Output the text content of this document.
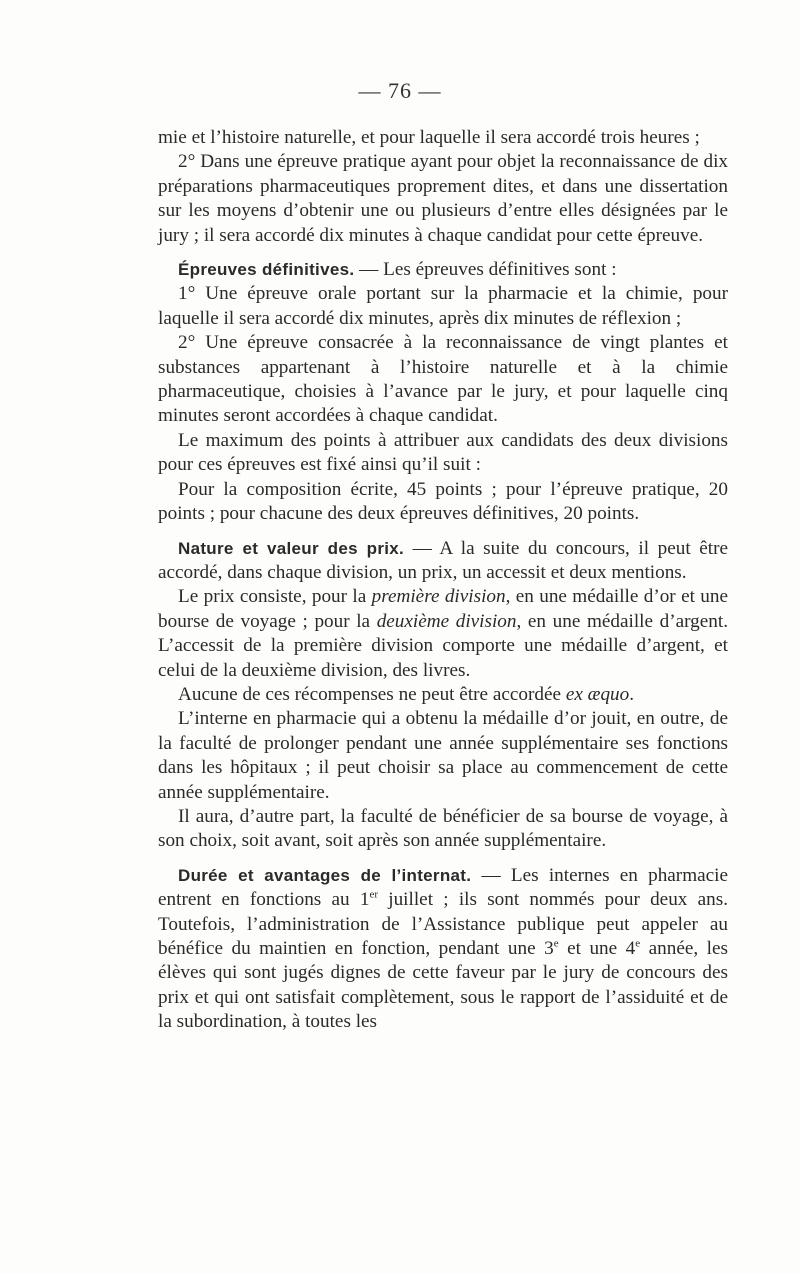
— 76 —

mie et l’histoire naturelle, et pour laquelle il sera accordé trois heures ;

2° Dans une épreuve pratique ayant pour objet la reconnaissance de dix préparations pharmaceutiques proprement dites, et dans une dissertation sur les moyens d’obtenir une ou plusieurs d’entre elles désignées par le jury ; il sera accordé dix minutes à chaque candidat pour cette épreuve.

Épreuves définitives. — Les épreuves définitives sont :

1° Une épreuve orale portant sur la pharmacie et la chimie, pour laquelle il sera accordé dix minutes, après dix minutes de réflexion ;

2° Une épreuve consacrée à la reconnaissance de vingt plantes et substances appartenant à l’histoire naturelle et à la chimie pharmaceutique, choisies à l’avance par le jury, et pour laquelle cinq minutes seront accordées à chaque candidat.

Le maximum des points à attribuer aux candidats des deux divisions pour ces épreuves est fixé ainsi qu’il suit :

Pour la composition écrite, 45 points ; pour l’épreuve pratique, 20 points ; pour chacune des deux épreuves définitives, 20 points.

Nature et valeur des prix. — A la suite du concours, il peut être accordé, dans chaque division, un prix, un accessit et deux mentions.

Le prix consiste, pour la première division, en une médaille d’or et une bourse de voyage ; pour la deuxième division, en une médaille d’argent. L’accessit de la première division comporte une médaille d’argent, et celui de la deuxième division, des livres.

Aucune de ces récompenses ne peut être accordée ex æquo.

L’interne en pharmacie qui a obtenu la médaille d’or jouit, en outre, de la faculté de prolonger pendant une année supplémentaire ses fonctions dans les hôpitaux ; il peut choisir sa place au commencement de cette année supplémentaire.

Il aura, d’autre part, la faculté de bénéficier de sa bourse de voyage, à son choix, soit avant, soit après son année supplémentaire.

Durée et avantages de l’internat. — Les internes en pharmacie entrent en fonctions au 1er juillet ; ils sont nommés pour deux ans. Toutefois, l’administration de l’Assistance publique peut appeler au bénéfice du maintien en fonction, pendant une 3e et une 4e année, les élèves qui sont jugés dignes de cette faveur par le jury de concours des prix et qui ont satisfait complètement, sous le rapport de l’assiduité et de la subordination, à toutes les
